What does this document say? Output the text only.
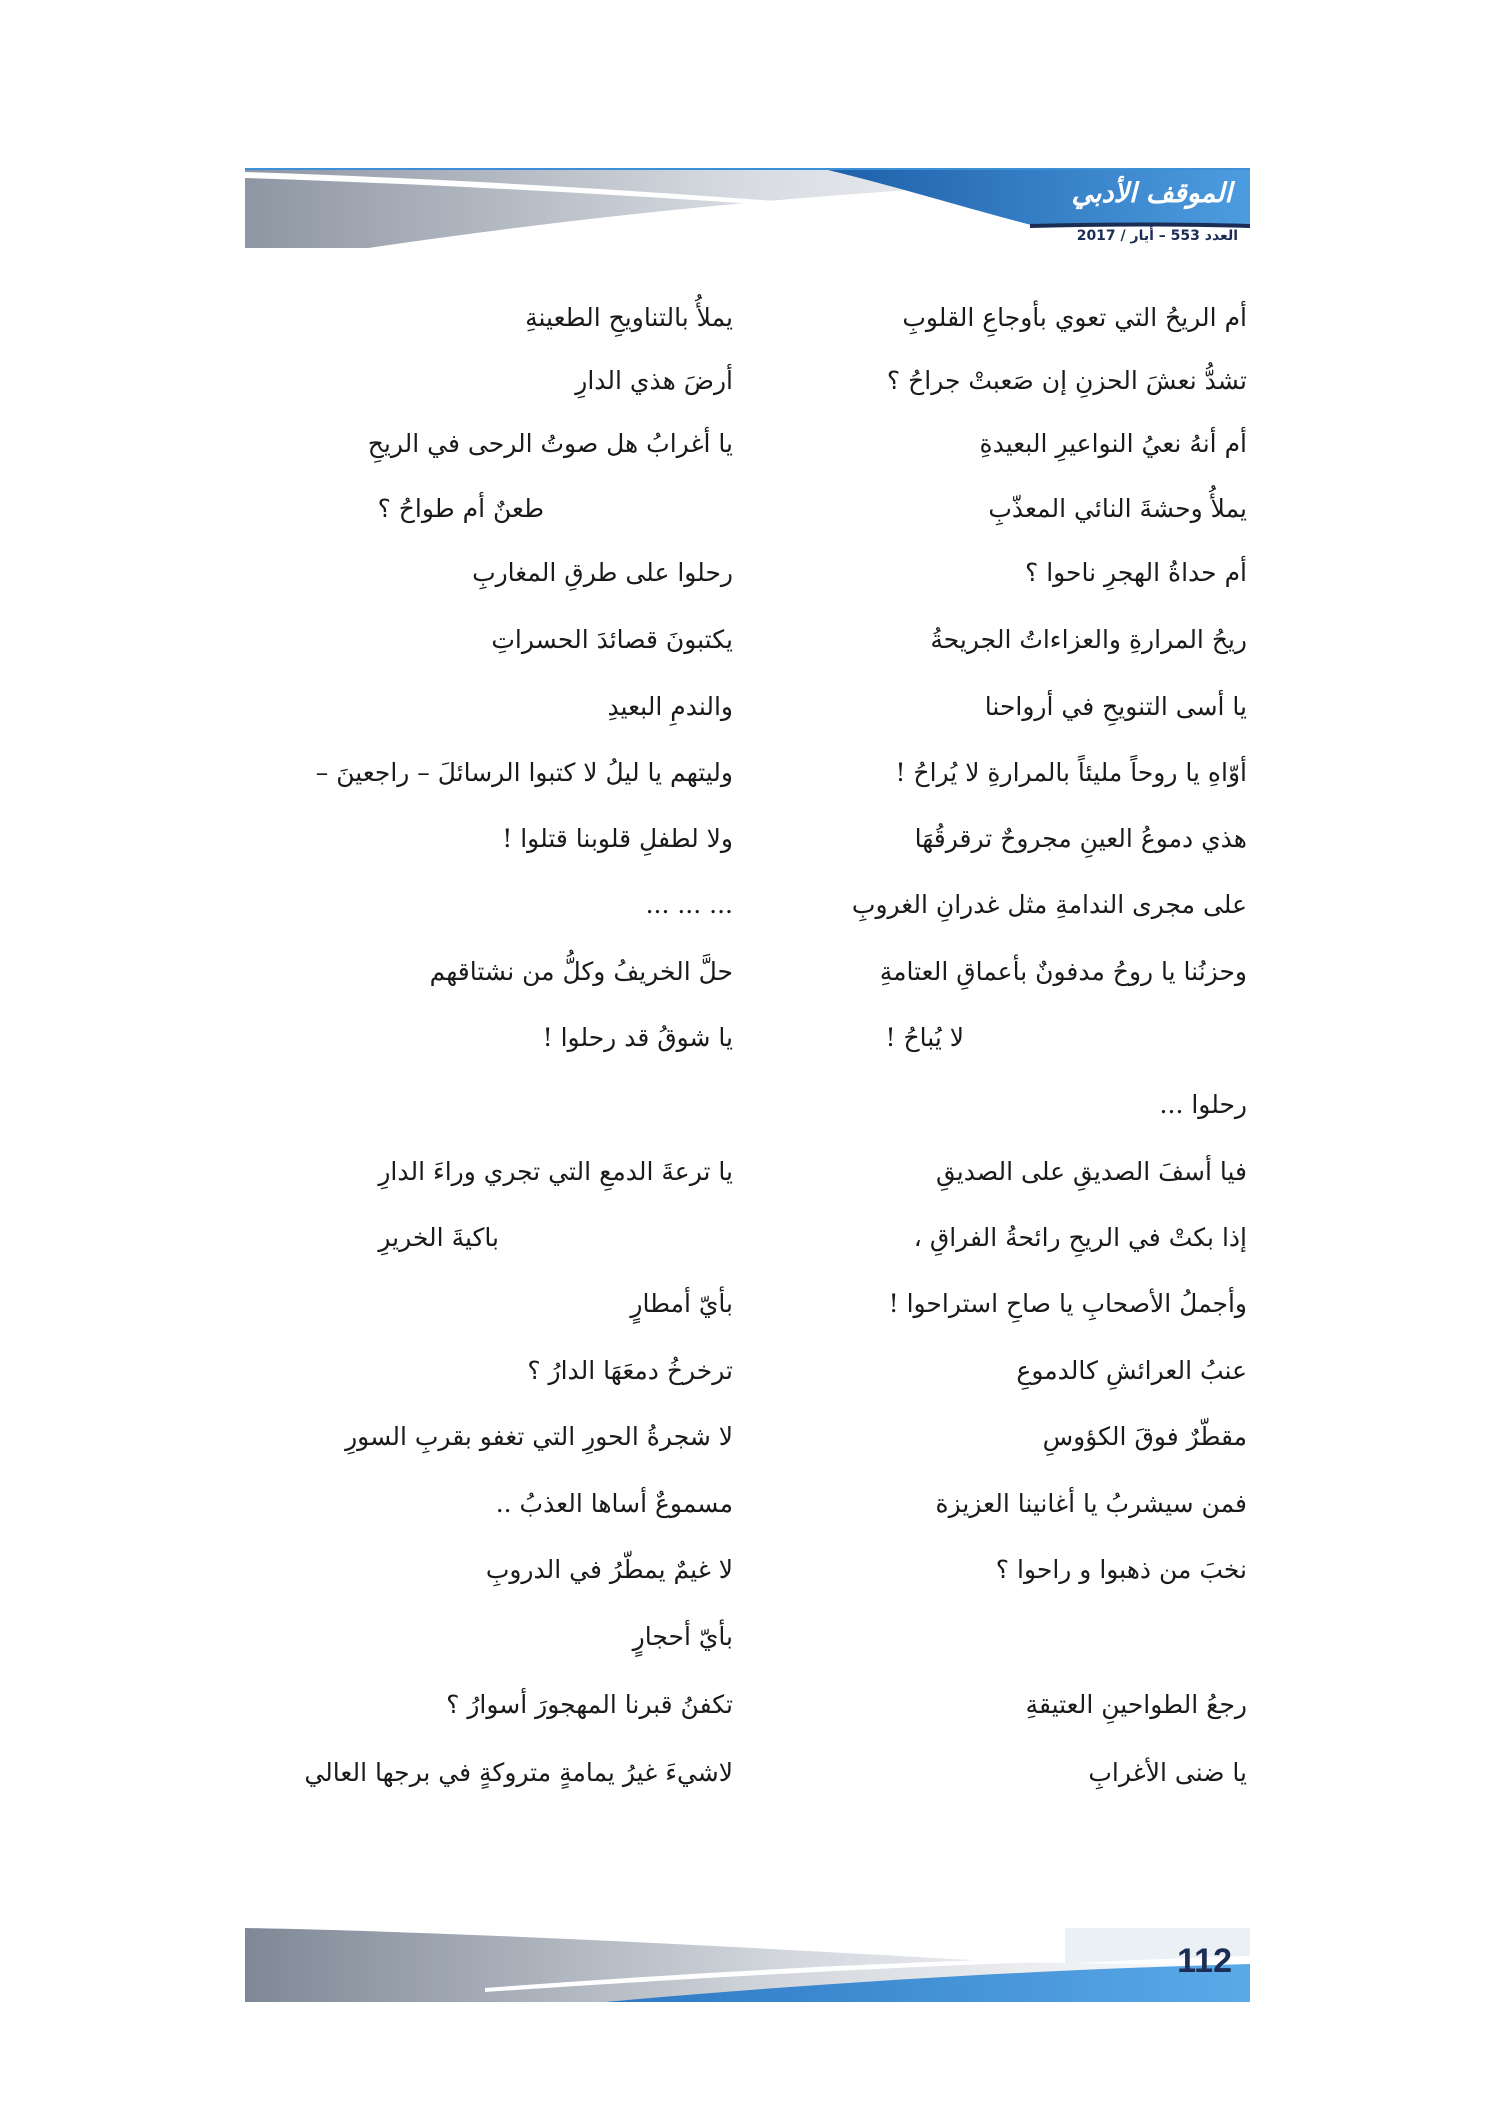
الموقف الأدبي
العدد 553 – أيار / 2017
أم الريحُ التي تعوي بأوجاعِ القلوبِ
يملأُ بالتناويحِ الطعينةِ
تشدُّ نعشَ الحزنِ إن صَعبتْ جراحُ ؟
أرضَ هذي الدارِ
أم أنهُ نعيُ النواعيرِ البعيدةِ
يا أغرابُ هل صوتُ الرحى في الريحِ
يملأُ وحشةَ النائي المعذّبِ
طعنٌ أم طواحُ ؟
أم حداةُ الهجرِ ناحوا ؟
رحلوا على طرقِ المغاربِ
ريحُ المرارةِ والعزاءاتُ الجريحةُ
يكتبونَ قصائدَ الحسراتِ
يا أسى التنويحِ في أرواحنا
والندمِ البعيدِ
أوّاهِ يا روحاً مليئاً بالمرارةِ لا يُراحُ !
وليتهم يا ليلُ لا كتبوا الرسائلَ – راجعينَ –
هذي دموعُ العينِ مجروحٌ ترقرقُهَا
ولا لطفلِ قلوبنا قتلوا !
على مجرى الندامةِ مثل غدرانِ الغروبِ
... ... ...
وحزنُنا يا روحُ مدفونٌ بأعماقِ العتامةِ
حلَّ الخريفُ وكلُّ من نشتاقهم
لا يُباحُ !
يا شوقُ قد رحلوا !
رحلوا ...
فيا أسفَ الصديقِ على الصديقِ
يا ترعةَ الدمعِ التي تجري وراءَ الدارِ
إذا بكتْ في الريحِ رائحةُ الفراقِ ،
باكيةَ الخريرِ
وأجملُ الأصحابِ يا صاحِ استراحوا !
بأيّ أمطارٍ
عنبُ العرائشِ كالدموعِ
ترخرخُ دمعَهَا الدارُ ؟
مقطّرٌ فوقَ الكؤوسِ
لا شجرةُ الحورِ التي تغفو بقربِ السورِ
فمن سيشربُ يا أغانينا العزيزة
مسموعٌ أساها العذبُ ..
نخبَ من ذهبوا و راحوا ؟
لا غيمٌ يمطّرُ في الدروبِ
بأيّ أحجارٍ
رجعُ الطواحينِ العتيقةِ
تكفنُ قبرنا المهجورَ أسوارُ ؟
يا ضنى الأغرابِ
لاشيءَ غيرُ يمامةٍ متروكةٍ في برجها العالي
112
